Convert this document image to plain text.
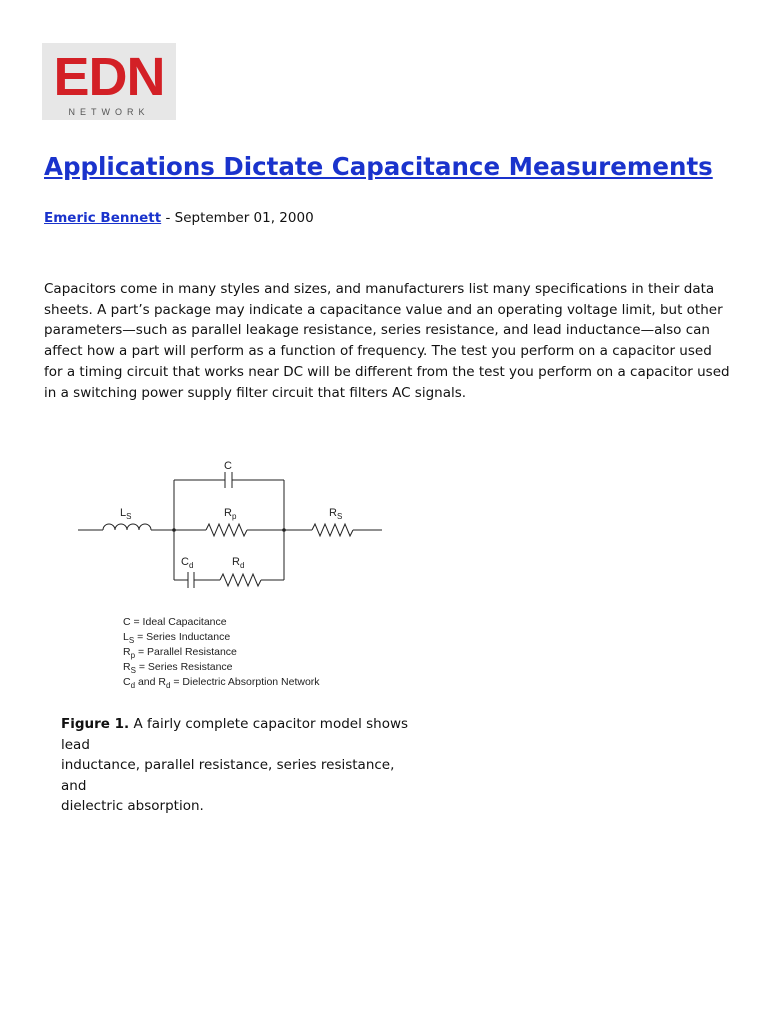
EDN
NETWORK
Applications Dictate Capacitance Measurements
Emeric Bennett - September 01, 2000

Capacitors come in many styles and sizes, and manufacturers list many specifications in their data sheets. A part’s package may indicate a capacitance value and an operating voltage limit, but other parameters—such as parallel leakage resistance, series resistance, and lead inductance—also can affect how a part will perform as a function of frequency. The test you perform on a capacitor used for a timing circuit that works near DC will be different from the test you perform on a capacitor used in a switching power supply filter circuit that filters AC signals.

C
$L_S$	$R_p$	$R_S$
$C_d$	$R_d$
C = Ideal Capacitance
$L_S$ = Series Inductance
$R_p$ = Parallel Resistance
$R_S$ = Series Resistance
$C_d$ and $R_d$ = Dielectric Absorption Network

Figure 1. A fairly complete capacitor model shows
lead
inductance, parallel resistance, series resistance, and
dielectric absorption.
